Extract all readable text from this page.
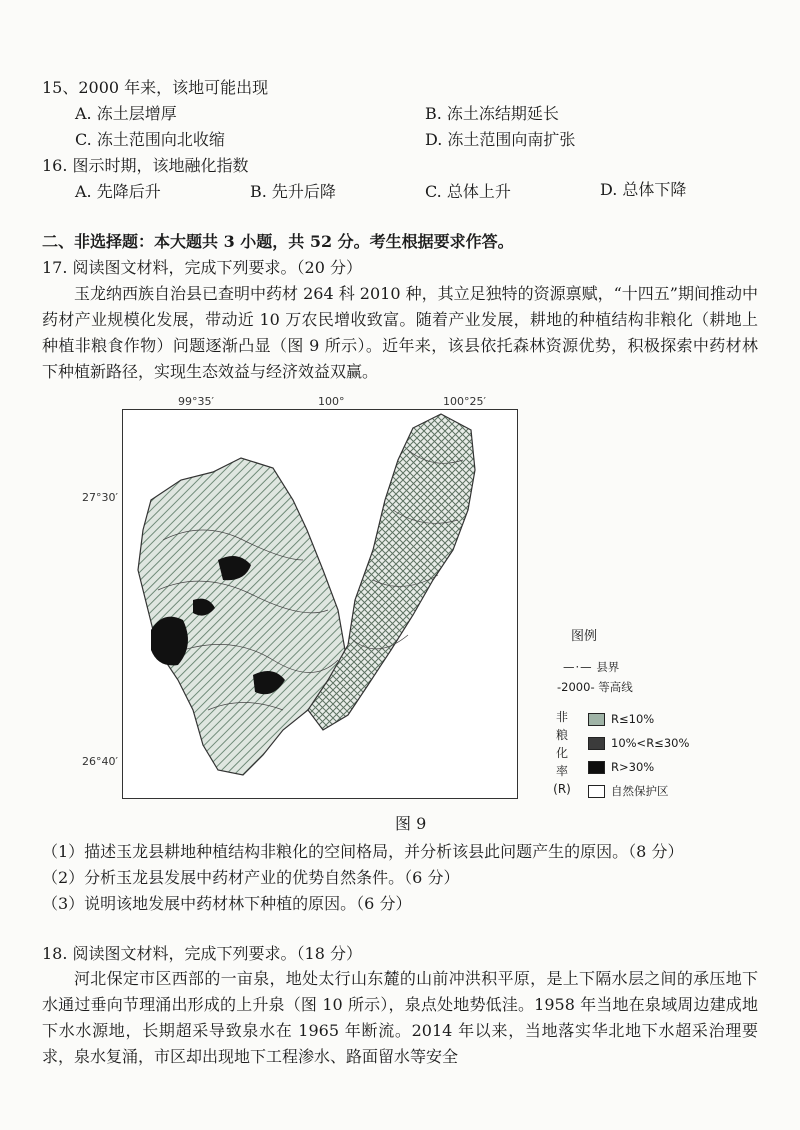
15、2000 年来，该地可能出现
A. 冻土层增厚	B. 冻土冻结期延长
C. 冻土范围向北收缩	D. 冻土范围向南扩张
16. 图示时期，该地融化指数
A. 先降后升	B. 先升后降	C. 总体上升	D. 总体下降
二、非选择题：本大题共 3 小题，共 52 分。考生根据要求作答。
17. 阅读图文材料，完成下列要求。（20 分）
玉龙纳西族自治县已查明中药材 264 科 2010 种，其立足独特的资源禀赋，“十四五”期间推动中药材产业规模化发展，带动近 10 万农民增收致富。随着产业发展，耕地的种植结构非粮化（耕地上种植非粮食作物）问题逐渐凸显（图 9 所示）。近年来，该县依托森林资源优势，积极探索中药材林下种植新路径，实现生态效益与经济效益双赢。
99°35′	100°	100°25′
27°30′
26°40′
图例
—·— 县界
-2000- 等高线
非
粮
化
率
(R)
R≤10%
10%<R≤30%
R>30%
自然保护区
图 9
（1）描述玉龙县耕地种植结构非粮化的空间格局，并分析该县此问题产生的原因。（8 分）
（2）分析玉龙县发展中药材产业的优势自然条件。（6 分）
（3）说明该地发展中药材林下种植的原因。（6 分）
18. 阅读图文材料，完成下列要求。（18 分）
河北保定市区西部的一亩泉，地处太行山东麓的山前冲洪积平原，是上下隔水层之间的承压地下水通过垂向节理涌出形成的上升泉（图 10 所示），泉点处地势低洼。1958 年当地在泉域周边建成地下水水源地，长期超采导致泉水在 1965 年断流。2014 年以来，当地落实华北地下水超采治理要求，泉水复涌，市区却出现地下工程渗水、路面留水等安全
